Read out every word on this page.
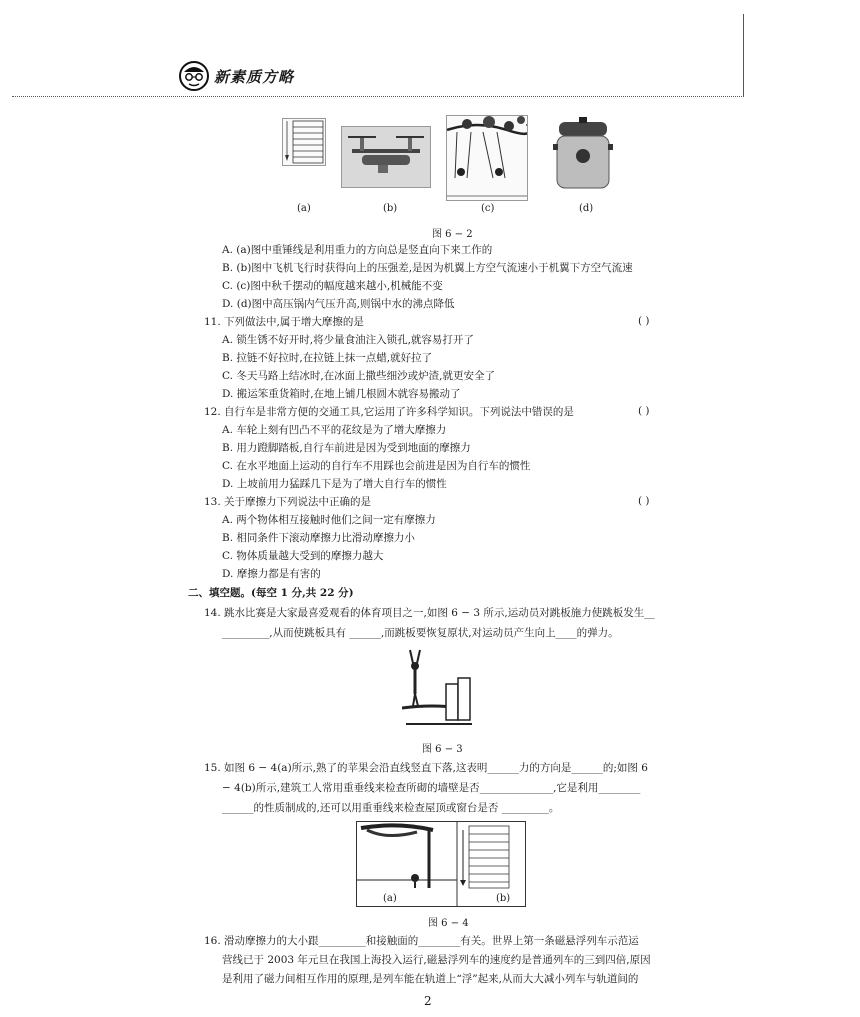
新素质方略
(a)	(b)	(c)	(d)
图 6 − 2
A. (a)图中重锤线是利用重力的方向总是竖直向下来工作的
B. (b)图中飞机飞行时获得向上的压强差,是因为机翼上方空气流速小于机翼下方空气流速
C. (c)图中秋千摆动的幅度越来越小,机械能不变
D. (d)图中高压锅内气压升高,则锅中水的沸点降低
11. 下列做法中,属于增大摩擦的是	( )
A. 锁生锈不好开时,将少量食油注入锁孔,就容易打开了
B. 拉链不好拉时,在拉链上抹一点蜡,就好拉了
C. 冬天马路上结冰时,在冰面上撒些细沙或炉渣,就更安全了
D. 搬运笨重货箱时,在地上铺几根圆木就容易搬动了
12. 自行车是非常方便的交通工具,它运用了许多科学知识。下列说法中错误的是	( )
A. 车轮上刻有凹凸不平的花纹是为了增大摩擦力
B. 用力蹬脚踏板,自行车前进是因为受到地面的摩擦力
C. 在水平地面上运动的自行车不用踩也会前进是因为自行车的惯性
D. 上坡前用力猛踩几下是为了增大自行车的惯性
13. 关于摩擦力下列说法中正确的是	( )
A. 两个物体相互接触时他们之间一定有摩擦力
B. 相同条件下滚动摩擦力比滑动摩擦力小
C. 物体质量越大受到的摩擦力越大
D. 摩擦力都是有害的
二、填空题。(每空 1 分,共 22 分)
14. 跳水比赛是大家最喜爱观看的体育项目之一,如图 6 − 3 所示,运动员对跳板施力使跳板发生__
_________,从而使跳板具有 ______,而跳板要恢复原状,对运动员产生向上____的弹力。
图 6 − 3
15. 如图 6 − 4(a)所示,熟了的苹果会沿直线竖直下落,这表明______力的方向是______的;如图 6
− 4(b)所示,建筑工人常用重垂线来检查所砌的墙壁是否______________,它是利用________
______的性质制成的,还可以用重垂线来检查屋顶或窗台是否 _________。
(a)	(b)
图 6 − 4
16. 滑动摩擦力的大小跟_________和接触面的________有关。世界上第一条磁悬浮列车示范运
营线已于 2003 年元旦在我国上海投入运行,磁悬浮列车的速度约是普通列车的三到四倍,原因
是利用了磁力间相互作用的原理,是列车能在轨道上“浮”起来,从而大大减小列车与轨道间的
2
